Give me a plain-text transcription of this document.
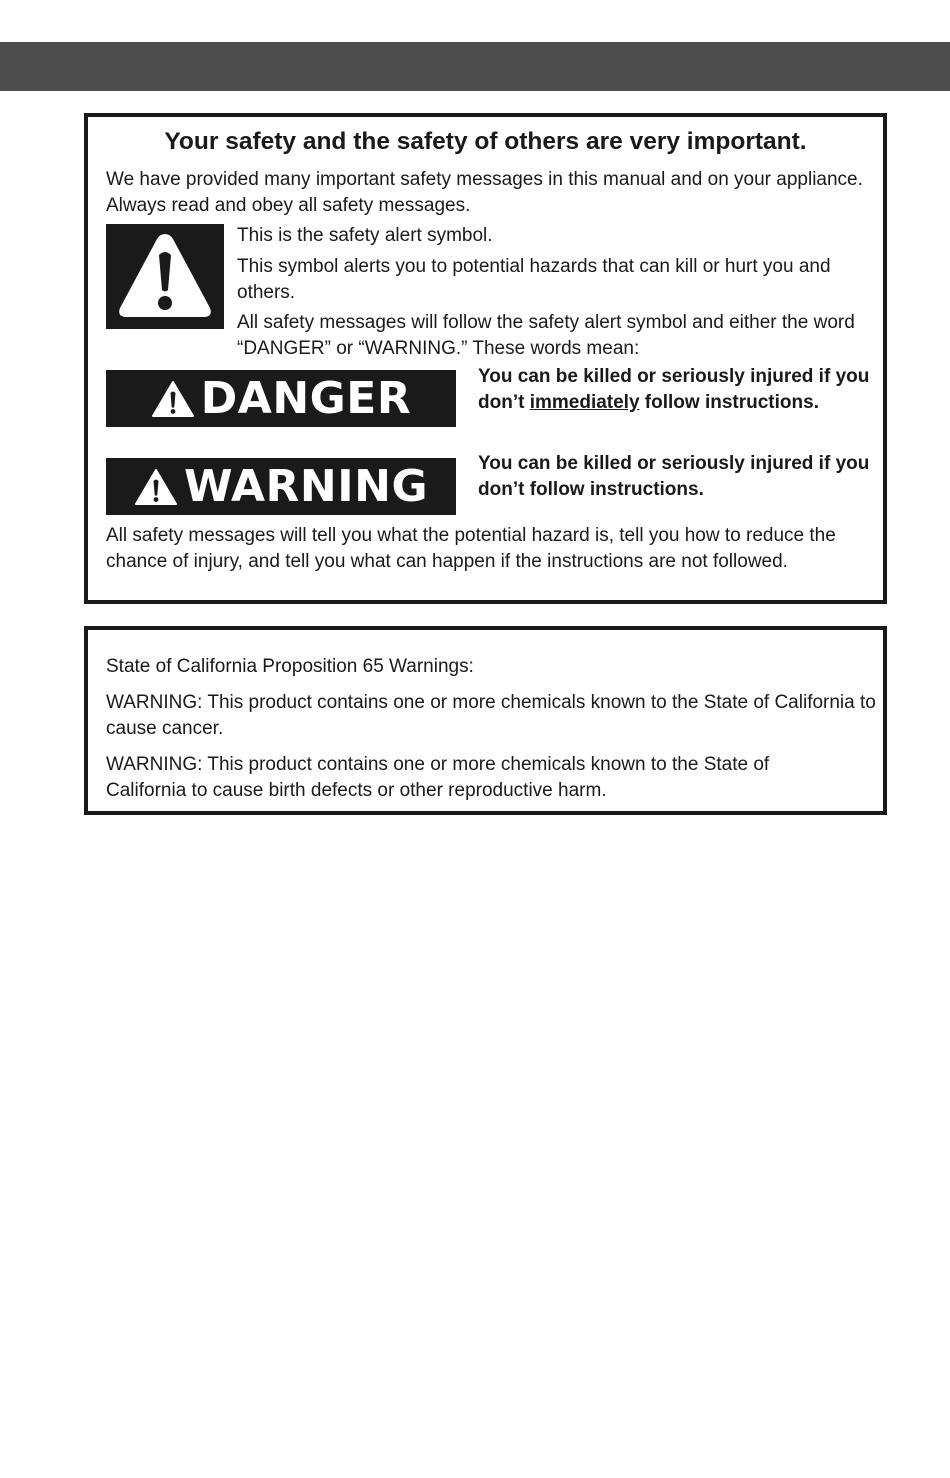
Your safety and the safety of others are very important.

We have provided many important safety messages in this manual and on your appliance. Always read and obey all safety messages.

This is the safety alert symbol.

This symbol alerts you to potential hazards that can kill or hurt you and others.

All safety messages will follow the safety alert symbol and either the word “DANGER” or “WARNING.” These words mean:

DANGER	You can be killed or seriously injured if you don’t immediately follow instructions.

WARNING	You can be killed or seriously injured if you don’t follow instructions.

All safety messages will tell you what the potential hazard is, tell you how to reduce the chance of injury, and tell you what can happen if the instructions are not followed.

State of California Proposition 65 Warnings:

WARNING: This product contains one or more chemicals known to the State of California to cause cancer.

WARNING: This product contains one or more chemicals known to the State of California to cause birth defects or other reproductive harm.
